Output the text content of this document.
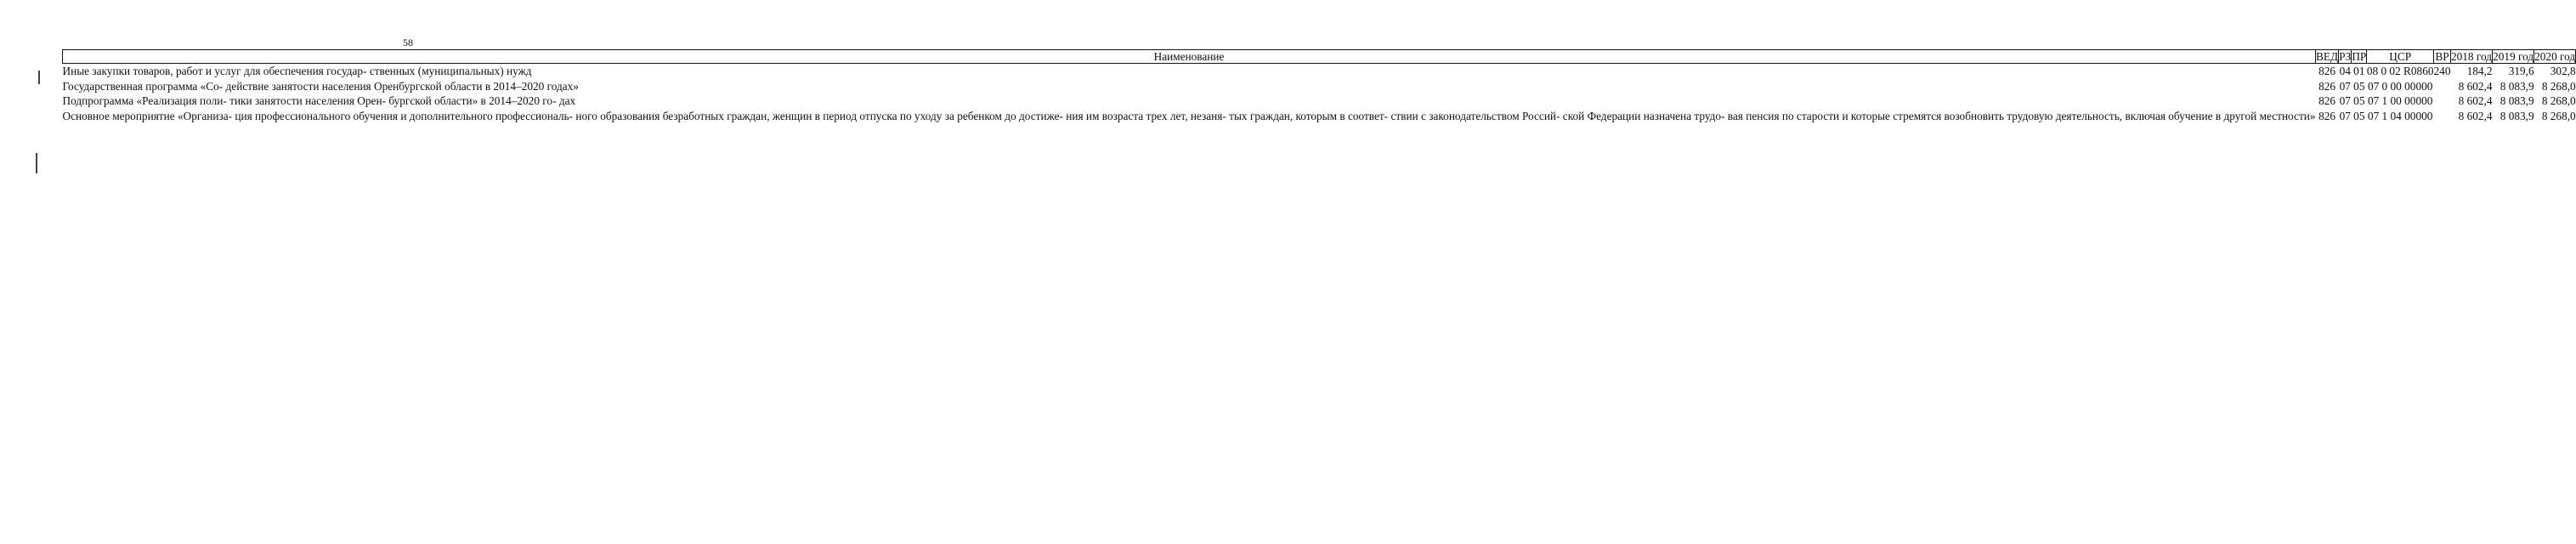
58
Наименование	ВЕД	РЗ	ПР	ЦСР	ВР	2018 год	2019 год	2020 год
Иные закупки товаров, работ и услуг для обеспечения государ- ственных (муниципальных) нужд	826	04	01	08 0 02 R0860	240	184,2	319,6	302,8
Государственная программа «Со- действие занятости населения Оренбургской области в 2014–2020 годах»	826	07	05	07 0 00 00000		8 602,4	8 083,9	8 268,0
Подпрограмма «Реализация поли- тики занятости населения Орен- бургской области» в 2014–2020 го- дах	826	07	05	07 1 00 00000		8 602,4	8 083,9	8 268,0
Основное мероприятие «Организа- ция профессионального обучения и дополнительного профессиональ- ного образования безработных граждан, женщин в период отпуска по уходу за ребенком до достиже- ния им возраста трех лет, незаня- тых граждан, которым в соответ- ствии с законодательством Россий- ской Федерации назначена трудо- вая пенсия по старости и которые стремятся возобновить трудовую деятельность, включая обучение в другой местности»	826	07	05	07 1 04 00000		8 602,4	8 083,9	8 268,0
